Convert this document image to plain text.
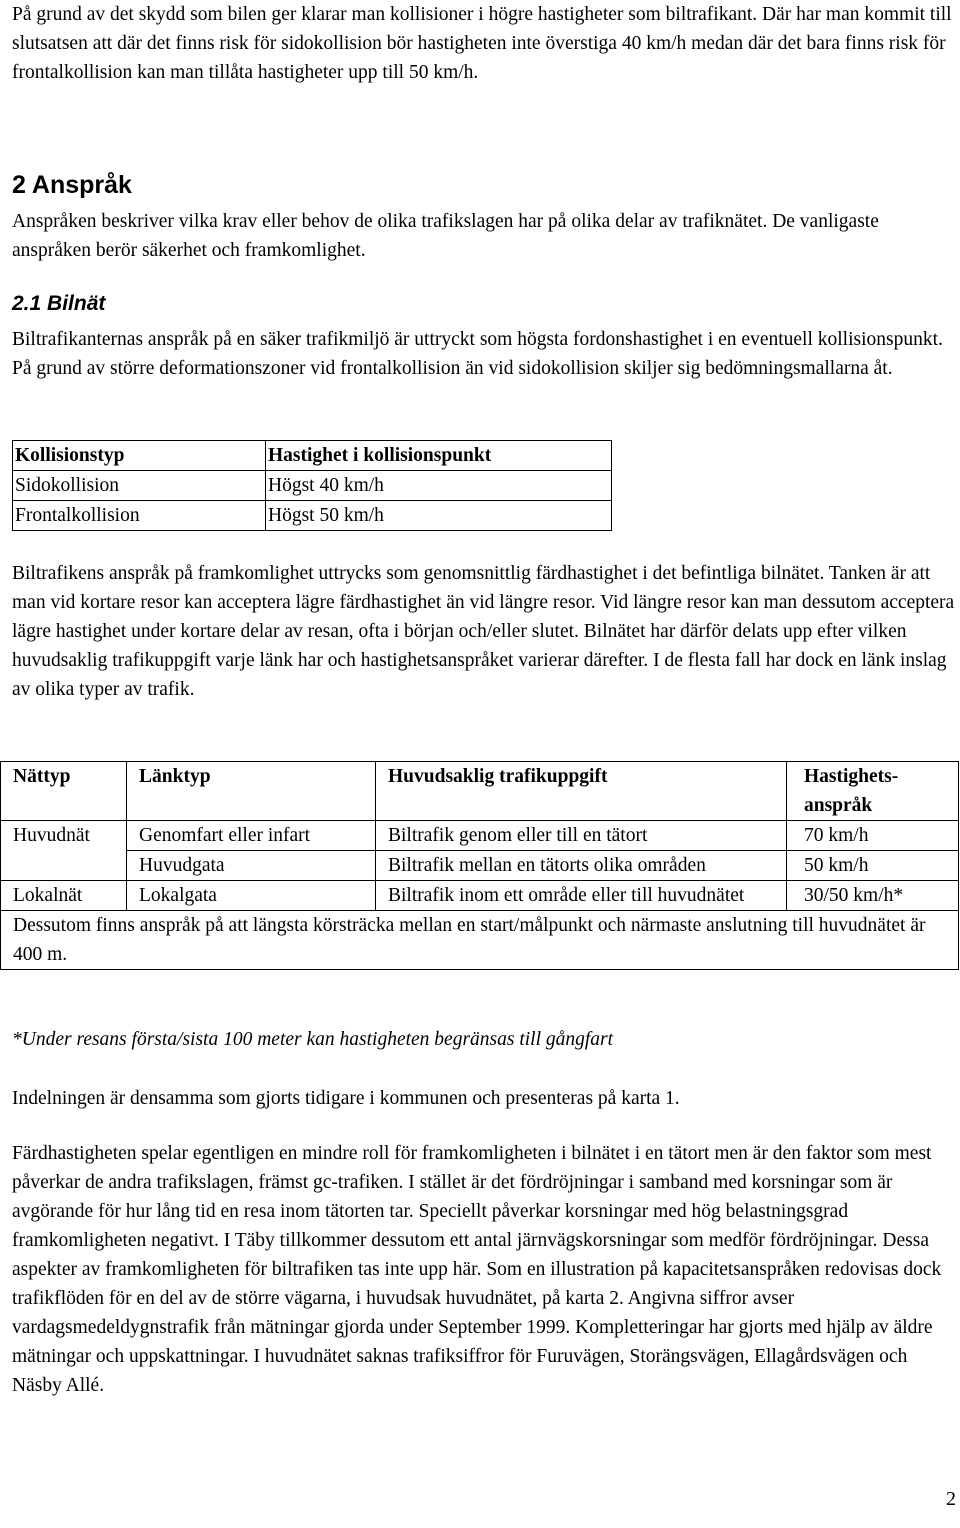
På grund av det skydd som bilen ger klarar man kollisioner i högre hastigheter som biltrafikant. Där har man kommit till slutsatsen att där det finns risk för sidokollision bör hastigheten inte överstiga 40 km/h medan där det bara finns risk för frontalkollision kan man tillåta hastigheter upp till 50 km/h.

2 Anspråk

Anspråken beskriver vilka krav eller behov de olika trafikslagen har på olika delar av trafiknätet. De vanligaste anspråken berör säkerhet och framkomlighet.

2.1 Bilnät

Biltrafikanternas anspråk på en säker trafikmiljö är uttryckt som högsta fordonshastighet i en eventuell kollisionspunkt. På grund av större deformationszoner vid frontalkollision än vid sidokollision skiljer sig bedömningsmallarna åt.

Kollisionstyp	Hastighet i kollisionspunkt
Sidokollision	Högst 40 km/h
Frontalkollision	Högst 50 km/h

Biltrafikens anspråk på framkomlighet uttrycks som genomsnittlig färdhastighet i det befintliga bilnätet. Tanken är att man vid kortare resor kan acceptera lägre färdhastighet än vid längre resor. Vid längre resor kan man dessutom acceptera lägre hastighet under kortare delar av resan, ofta i början och/eller slutet. Bilnätet har därför delats upp efter vilken huvudsaklig trafikuppgift varje länk har och hastighetsanspråket varierar därefter. I de flesta fall har dock en länk inslag av olika typer av trafik.

Nättyp	Länktyp	Huvudsaklig trafikuppgift	Hastighets-anspråk
Huvudnät	Genomfart eller infart	Biltrafik genom eller till en tätort	70 km/h
	Huvudgata	Biltrafik mellan en tätorts olika områden	50 km/h
Lokalnät	Lokalgata	Biltrafik inom ett område eller till huvudnätet	30/50 km/h*
Dessutom finns anspråk på att längsta körsträcka mellan en start/målpunkt och närmaste anslutning till huvudnätet är 400 m.			

*Under resans första/sista 100 meter kan hastigheten begränsas till gångfart

Indelningen är densamma som gjorts tidigare i kommunen och presenteras på karta 1.

Färdhastigheten spelar egentligen en mindre roll för framkomligheten i bilnätet i en tätort men är den faktor som mest påverkar de andra trafikslagen, främst gc-trafiken. I stället är det fördröjningar i samband med korsningar som är avgörande för hur lång tid en resa inom tätorten tar. Speciellt påverkar korsningar med hög belastningsgrad framkomligheten negativt. I Täby tillkommer dessutom ett antal järnvägskorsningar som medför fördröjningar. Dessa aspekter av framkomligheten för biltrafiken tas inte upp här. Som en illustration på kapacitetsanspråken redovisas dock trafikflöden för en del av de större vägarna, i huvudsak huvudnätet, på karta 2. Angivna siffror avser vardagsmedeldygnstrafik från mätningar gjorda under September 1999. Kompletteringar har gjorts med hjälp av äldre mätningar och uppskattningar. I huvudnätet saknas trafiksiffror för Furuvägen, Storängsvägen, Ellagårdsvägen och Näsby Allé.

2
